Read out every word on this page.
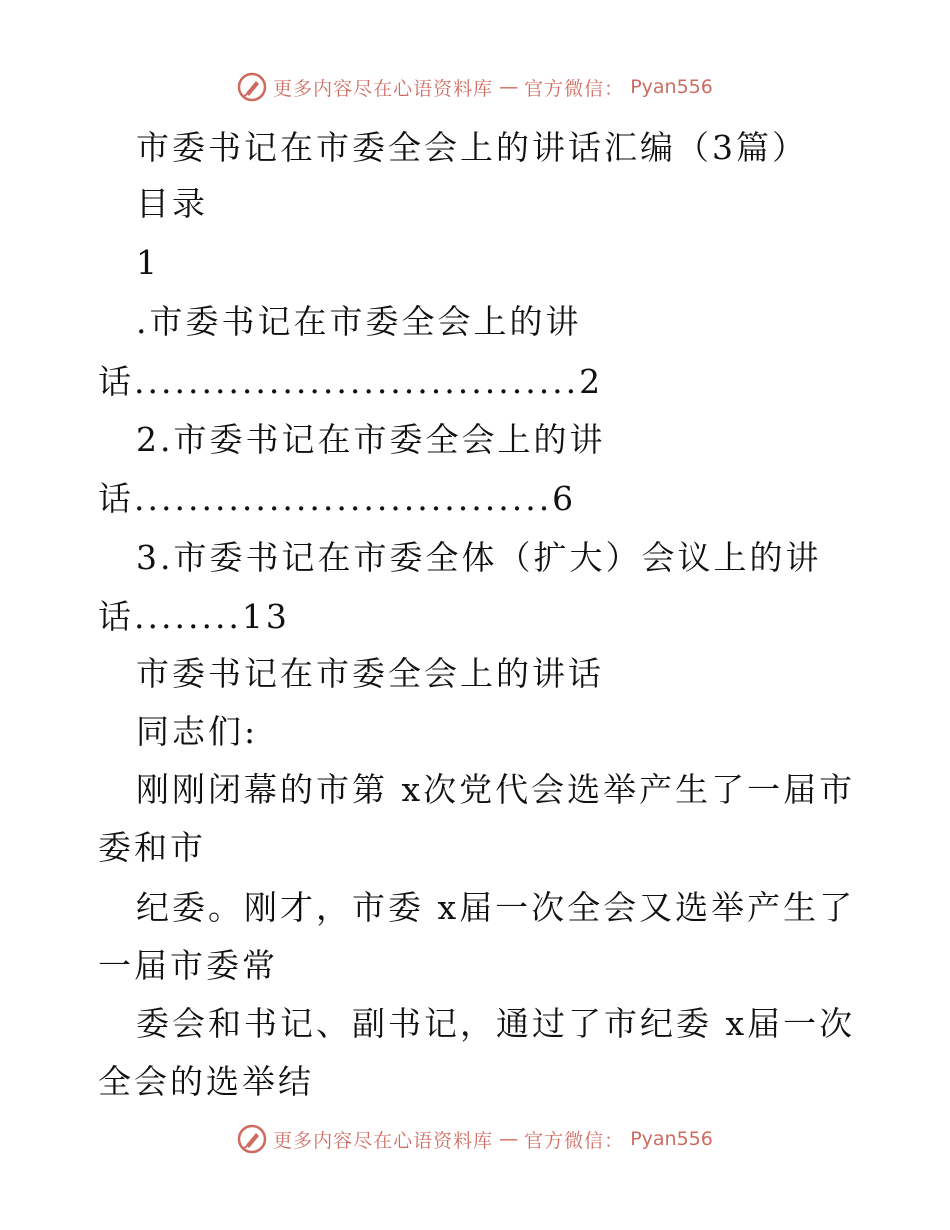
更多内容尽在心语资料库 — 官方微信： Pyan556
市委书记在市委全会上的讲话汇编（3篇）
目录
1
.市委书记在市委全会上的讲
话.................................2
2.市委书记在市委全会上的讲
话...............................6
3.市委书记在市委全体（扩大）会议上的讲
话........13
市委书记在市委全会上的讲话
同志们:
刚刚闭幕的市第 x次党代会选举产生了一届市
委和市
纪委。刚才，市委 x届一次全会又选举产生了
一届市委常
委会和书记、副书记，通过了市纪委 x届一次
全会的选举结
更多内容尽在心语资料库 — 官方微信： Pyan556
